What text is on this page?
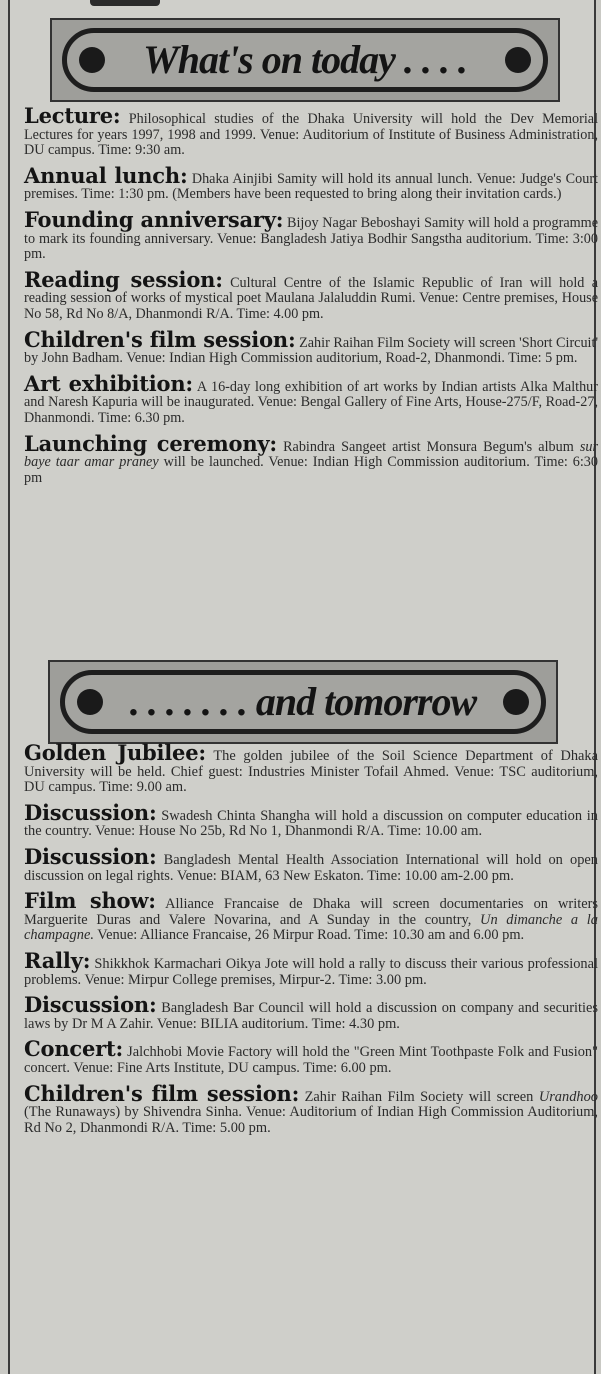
What's on today . . . .

Lecture: Philosophical studies of the Dhaka University will hold the Dev Memorial Lectures for years 1997, 1998 and 1999. Venue: Auditorium of Institute of Business Administration, DU campus. Time: 9:30 am.

Annual lunch: Dhaka Ainjibi Samity will hold its annual lunch. Venue: Judge's Court premises. Time: 1:30 pm. (Members have been requested to bring along their invitation cards.)

Founding anniversary: Bijoy Nagar Beboshayi Samity will hold a programme to mark its founding anniversary. Venue: Bangladesh Jatiya Bodhir Sangstha auditorium. Time: 3:00 pm.

Reading session: Cultural Centre of the Islamic Republic of Iran will hold a reading session of works of mystical poet Maulana Jalaluddin Rumi. Venue: Centre premises, House No 58, Rd No 8/A, Dhanmondi R/A. Time: 4.00 pm.

Children's film session: Zahir Raihan Film Society will screen 'Short Circuit' by John Badham. Venue: Indian High Commission auditorium, Road-2, Dhanmondi. Time: 5 pm.

Art exhibition: A 16-day long exhibition of art works by Indian artists Alka Malthur and Naresh Kapuria will be inaugurated. Venue: Bengal Gallery of Fine Arts, House-275/F, Road-27, Dhanmondi. Time: 6.30 pm.

Launching ceremony: Rabindra Sangeet artist Monsura Begum's album sur baye taar amar praney will be launched. Venue: Indian High Commission auditorium. Time: 6:30 pm

. . . . . . . and tomorrow

Golden Jubilee: The golden jubilee of the Soil Science Department of Dhaka University will be held. Chief guest: Industries Minister Tofail Ahmed. Venue: TSC auditorium, DU campus. Time: 9.00 am.

Discussion: Swadesh Chinta Shangha will hold a discussion on computer education in the country. Venue: House No 25b, Rd No 1, Dhanmondi R/A. Time: 10.00 am.

Discussion: Bangladesh Mental Health Association International will hold on open discussion on legal rights. Venue: BIAM, 63 New Eskaton. Time: 10.00 am-2.00 pm.

Film show: Alliance Francaise de Dhaka will screen documentaries on writers Marguerite Duras and Valere Novarina, and A Sunday in the country, Un dimanche a la champagne. Venue: Alliance Francaise, 26 Mirpur Road. Time: 10.30 am and 6.00 pm.

Rally: Shikkhok Karmachari Oikya Jote will hold a rally to discuss their various professional problems. Venue: Mirpur College premises, Mirpur-2. Time: 3.00 pm.

Discussion: Bangladesh Bar Council will hold a discussion on company and securities laws by Dr M A Zahir. Venue: BILIA auditorium. Time: 4.30 pm.

Concert: Jalchhobi Movie Factory will hold the "Green Mint Toothpaste Folk and Fusion" concert. Venue: Fine Arts Institute, DU campus. Time: 6.00 pm.

Children's film session: Zahir Raihan Film Society will screen Urandhoo (The Runaways) by Shivendra Sinha. Venue: Auditorium of Indian High Commission Auditorium, Rd No 2, Dhanmondi R/A. Time: 5.00 pm.
